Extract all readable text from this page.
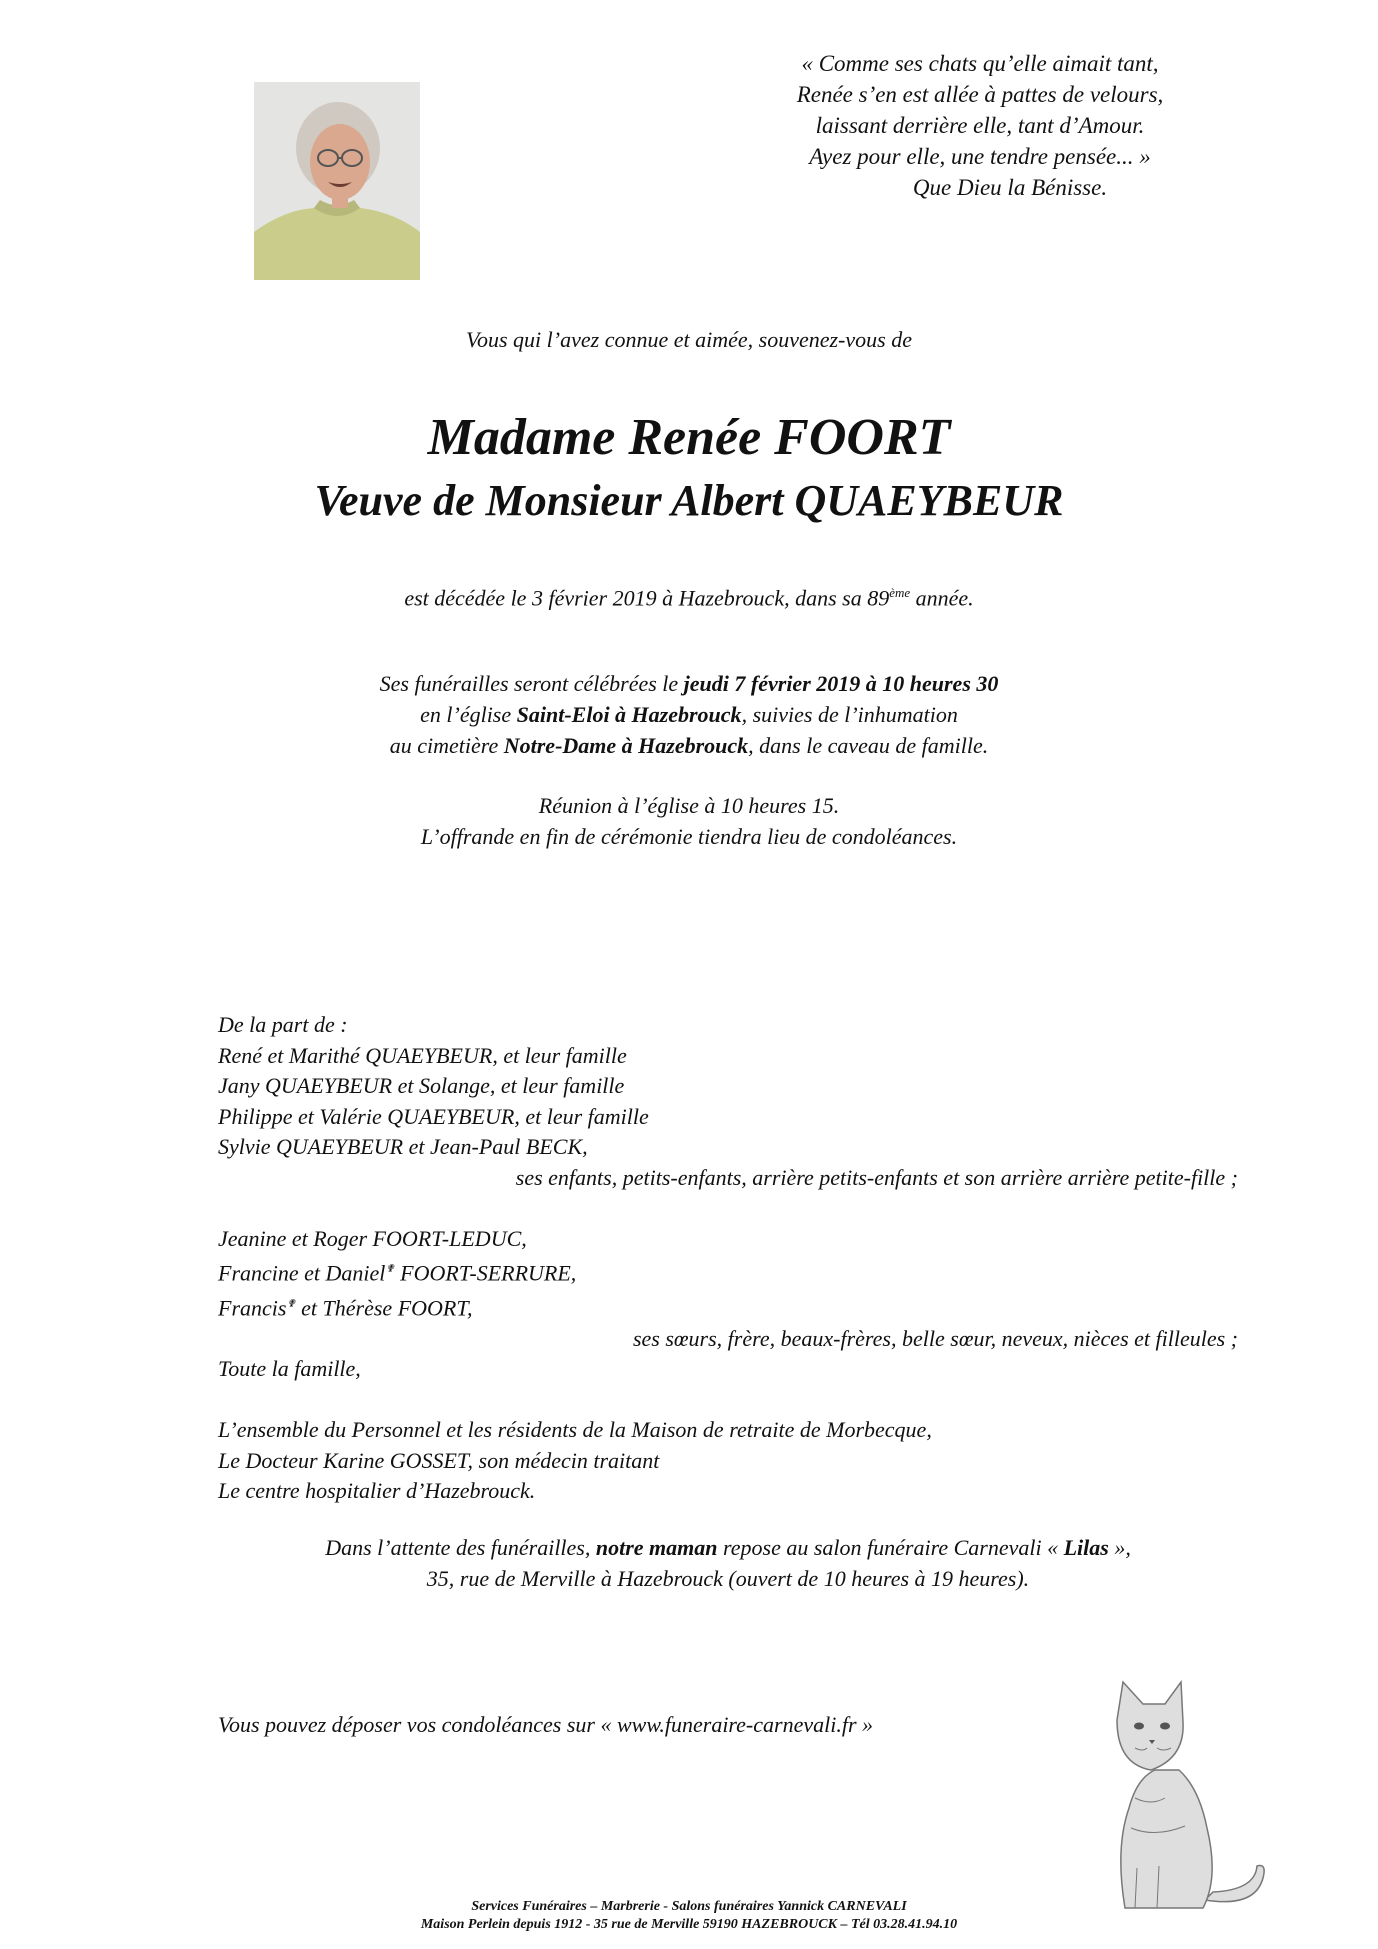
« Comme ses chats qu’elle aimait tant,
Renée s’en est allée à pattes de velours,
laissant derrière elle, tant d’Amour.
Ayez pour elle, une tendre pensée... »
Que Dieu la Bénisse.
Vous qui l’avez connue et aimée, souvenez-vous de
Madame Renée FOORT
Veuve de Monsieur Albert QUAEYBEUR
est décédée le 3 février 2019 à Hazebrouck, dans sa 89ème année.
Ses funérailles seront célébrées le jeudi 7 février 2019 à 10 heures 30
en l’église Saint-Eloi à Hazebrouck, suivies de l’inhumation
au cimetière Notre-Dame à Hazebrouck, dans le caveau de famille.
Réunion à l’église à 10 heures 15.
L’offrande en fin de cérémonie tiendra lieu de condoléances.
De la part de :
René et Marithé QUAEYBEUR, et leur famille
Jany QUAEYBEUR et Solange, et leur famille
Philippe et Valérie QUAEYBEUR, et leur famille
Sylvie QUAEYBEUR et Jean-Paul BECK,
ses enfants, petits-enfants, arrière petits-enfants et son arrière arrière petite-fille ;
Jeanine et Roger FOORT-LEDUC,
Francine et Daniel✟ FOORT-SERRURE,
Francis✟ et Thérèse FOORT,
ses sœurs, frère, beaux-frères, belle sœur, neveux, nièces et filleules ;
Toute la famille,
L’ensemble du Personnel et les résidents de la Maison de retraite de Morbecque,
Le Docteur Karine GOSSET, son médecin traitant
Le centre hospitalier d’Hazebrouck.
Dans l’attente des funérailles, notre maman repose au salon funéraire Carnevali « Lilas »,
35, rue de Merville à Hazebrouck (ouvert de 10 heures à 19 heures).
Vous pouvez déposer vos condoléances sur « www.funeraire-carnevali.fr »
Services Funéraires – Marbrerie - Salons funéraires Yannick CARNEVALI
Maison Perlein depuis 1912 - 35 rue de Merville 59190 HAZEBROUCK – Tél 03.28.41.94.10
